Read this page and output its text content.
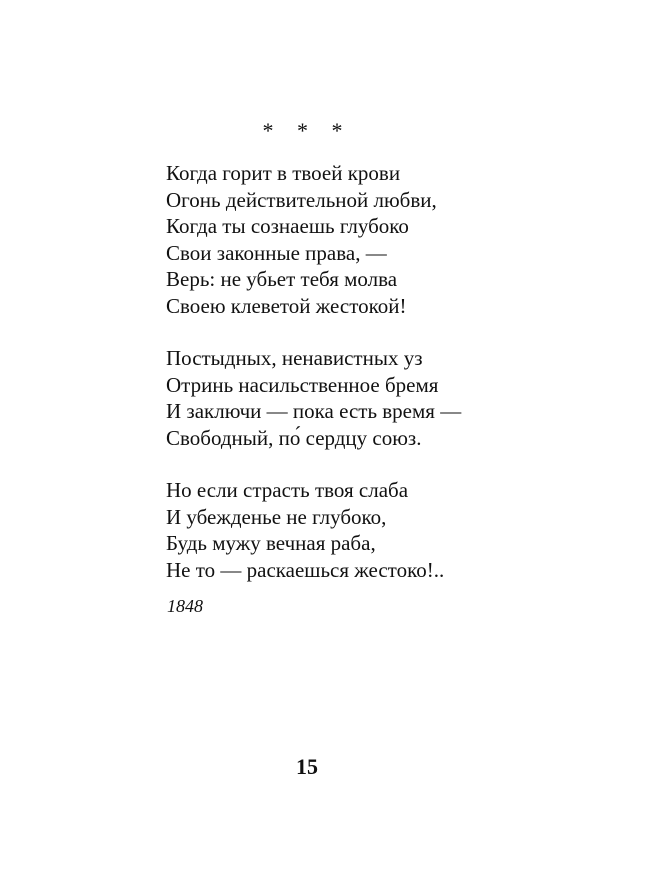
* * *
Когда горит в твоей крови
Огонь действительной любви,
Когда ты сознаешь глубоко
Свои законные права, —
Верь: не убьет тебя молва
Своею клеветой жестокой!
Постыдных, ненавистных уз
Отринь насильственное бремя
И заключи — пока есть время —
Свободный, по́ сердцу союз.
Но если страсть твоя слаба
И убежденье не глубоко,
Будь мужу вечная раба,
Не то — раскаешься жестоко!..
1848
15
